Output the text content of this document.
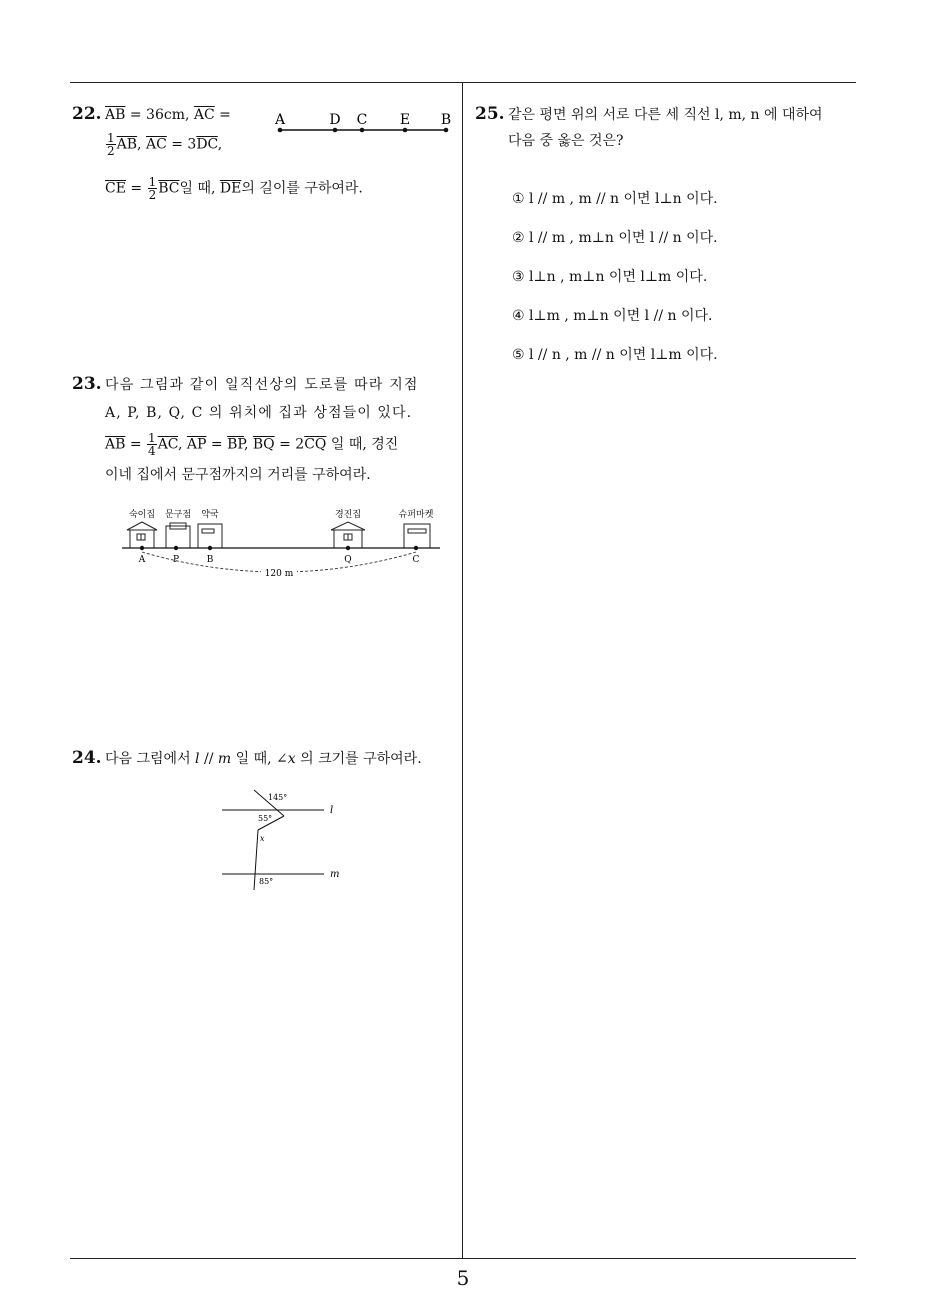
22. $\overline{AB} = 36cm$, $\overline{AC}$ =
$\frac{1}{2} \overline{AB}$, $\overline{AC} = 3\overline{DC}$,
$\overline{CE} = \frac{1}{2} \overline{BC}$일 때, $\overline{DE}$의 길이를 구하여라.
A	D C E B
23. 다음 그림과 같이 일직선상의 도로를 따라 지점
A, P, B, Q, C 의 위치에 집과 상점들이 있다.
$\overline{AB} = \frac{1}{4} \overline{AC}$, $\overline{AP} = \overline{BP}$, $\overline{BQ} = 2\overline{CQ}$ 일 때, 경진
이네 집에서 문구점까지의 거리를 구하여라.
숙이집 문구점 약국	경진집	슈퍼마켓
A	P	B	Q	C
120 m
24. 다음 그림에서 l // m 일 때, ∠x 의 크기를 구하여라.
l
m
145°
55°
x
85°
25. 같은 평면 위의 서로 다른 세 직선 l, m, n 에 대하여
다음 중 옳은 것은?
① l // m , m // n 이면 l⊥n 이다.
② l // m , m⊥n 이면 l // n 이다.
③ l⊥n , m⊥n 이면 l⊥m 이다.
④ l⊥m , m⊥n 이면 l // n 이다.
⑤ l // n , m // n 이면 l⊥m 이다.
5
